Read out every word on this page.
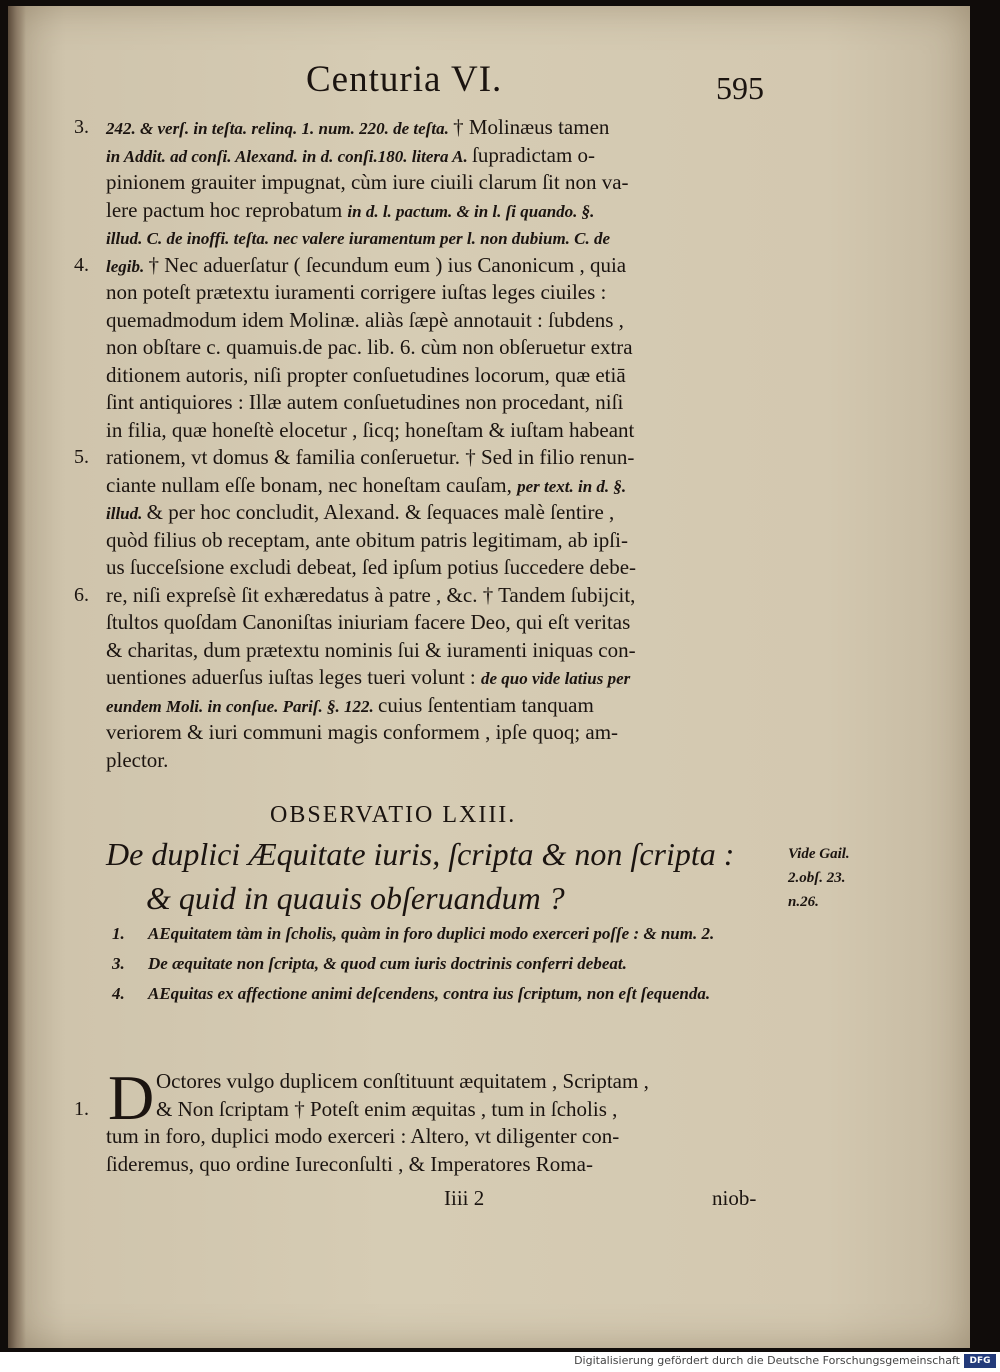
Centuria VI.	595
3. 242. & verſ. in teſta. relinq. 1. num. 220. de teſta. † Molinæus tamen
in Addit. ad conſi. Alexand. in d. conſi.180. litera A. ſupradictam o-
pinionem grauiter impugnat, cùm iure ciuili clarum ſit non va-
lere pactum hoc reprobatum in d. l. pactum. & in l. ſi quando. §.
illud. C. de inoffi. teſta. nec valere iuramentum per l. non dubium. C. de
4. legib. † Nec aduerſatur ( ſecundum eum ) ius Canonicum , quia
non poteſt prætextu iuramenti corrigere iuſtas leges ciuiles :
quemadmodum idem Molinæ. aliàs ſæpè annotauit : ſubdens ,
non obſtare c. quamuis.de pac. lib. 6. cùm non obſeruetur extra
ditionem autoris, niſi propter conſuetudines locorum, quæ etiā
ſint antiquiores : Illæ autem conſuetudines non procedant, niſi
in filia, quæ honeſtè elocetur , ſicq; honeſtam & iuſtam habeant
5. rationem, vt domus & familia conſeruetur. † Sed in filio renun-
ciante nullam eſſe bonam, nec honeſtam cauſam, per text. in d. §.
illud. & per hoc concludit, Alexand. & ſequaces malè ſentire ,
quòd filius ob receptam, ante obitum patris legitimam, ab ipſi-
us ſucceſsione excludi debeat, ſed ipſum potius ſuccedere debe-
6. re, niſi expreſsè ſit exhæredatus à patre , &c. † Tandem ſubijcit,
ſtultos quoſdam Canoniſtas iniuriam facere Deo, qui eſt veritas
& charitas, dum prætextu nominis ſui & iuramenti iniquas con-
uentiones aduerſus iuſtas leges tueri volunt : de quo vide latius per
eundem Moli. in conſue. Pariſ. §. 122. cuius ſententiam tanquam
veriorem & iuri communi magis conformem , ipſe quoq; am-
plector.
OBSERVATIO LXIII.
De duplici Æquitate iuris, ſcripta & non ſcripta :
& quid in quauis obſeruandum ?
Vide Gail.
2.obſ. 23.
n.26.
1. AEquitatem tàm in ſcholis, quàm in foro duplici modo exerceri poſſe : & num. 2.
3. De æquitate non ſcripta, & quod cum iuris doctrinis conferri debeat.
4. AEquitas ex affectione animi deſcendens, contra ius ſcriptum, non eſt ſequenda.
D Octores vulgo duplicem conſtituunt æquitatem , Scriptam ,
1.	& Non ſcriptam † Poteſt enim æquitas , tum in ſcholis ,
tum in foro, duplici modo exerceri : Altero, vt diligenter con-
ſideremus, quo ordine Iureconſulti , & Imperatores Roma-
Iiii 2	niob-
Digitalisierung gefördert durch die Deutsche Forschungsgemeinschaft	DFG
